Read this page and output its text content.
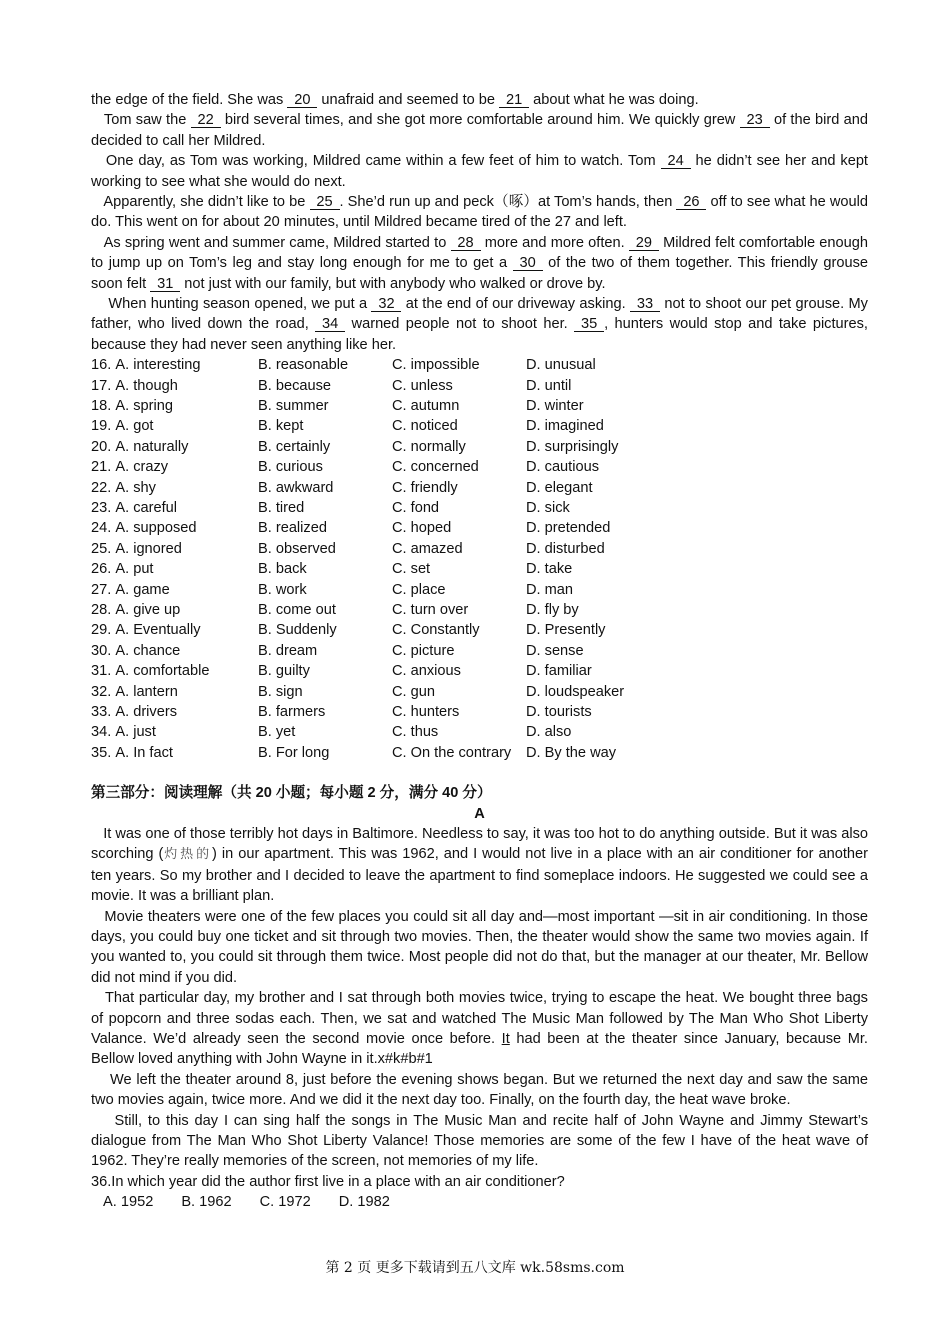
the edge of the field. She was 20 unafraid and seemed to be 21 about what he was doing.

Tom saw the 22 bird several times, and she got more comfortable around him. We quickly grew 23 of the bird and decided to call her Mildred.

One day, as Tom was working, Mildred came within a few feet of him to watch. Tom 24 he didn’t see her and kept working to see what she would do next.

Apparently, she didn’t like to be 25 . She’d run up and peck（啄）at Tom’s hands, then 26 off to see what he would do. This went on for about 20 minutes, until Mildred became tired of the 27 and left.

As spring went and summer came, Mildred started to 28 more and more often. 29 Mildred felt comfortable enough to jump up on Tom’s leg and stay long enough for me to get a 30 of the two of them together. This friendly grouse soon felt 31 not just with our family, but with anybody who walked or drove by.

When hunting season opened, we put a 32 at the end of our driveway asking. 33 not to shoot our pet grouse. My father, who lived down the road, 34 warned people not to shoot her. 35 , hunters would stop and take pictures, because they had never seen anything like her.

16. A. interesting	B. reasonable	C. impossible	D. unusual
17. A. though	B. because	C. unless	D. until
18. A. spring	B. summer	C. autumn	D. winter
19. A. got	B. kept	C. noticed	D. imagined
20. A. naturally	B. certainly	C. normally	D. surprisingly
21. A. crazy	B. curious	C. concerned	D. cautious
22. A. shy	B. awkward	C. friendly	D. elegant
23. A. careful	B. tired	C. fond	D. sick
24. A. supposed	B. realized	C. hoped	D. pretended
25. A. ignored	B. observed	C. amazed	D. disturbed
26. A. put	B. back	C. set	D. take
27. A. game	B. work	C. place	D. man
28. A. give up	B. come out	C. turn over	D. fly by
29. A. Eventually	B. Suddenly	C. Constantly	D. Presently
30. A. chance	B. dream	C. picture	D. sense
31. A. comfortable	B. guilty	C. anxious	D. familiar
32. A. lantern	B. sign	C. gun	D. loudspeaker
33. A. drivers	B. farmers	C. hunters	D. tourists
34. A. just	B. yet	C. thus	D. also
35. A. In fact	B. For long	C. On the contrary	D. By the way

第三部分：阅读理解（共 20 小题；每小题 2 分，满分 40 分）

A

It was one of those terribly hot days in Baltimore. Needless to say, it was too hot to do anything outside. But it was also scorching (灼热的) in our apartment. This was 1962, and I would not live in a place with an air conditioner for another ten years. So my brother and I decided to leave the apartment to find someplace indoors. He suggested we could see a movie. It was a brilliant plan.

Movie theaters were one of the few places you could sit all day and—most important —sit in air conditioning. In those days, you could buy one ticket and sit through two movies. Then, the theater would show the same two movies again. If you wanted to, you could sit through them twice. Most people did not do that, but the manager at our theater, Mr. Bellow did not mind if you did.

That particular day, my brother and I sat through both movies twice, trying to escape the heat. We bought three bags of popcorn and three sodas each. Then, we sat and watched The Music Man followed by The Man Who Shot Liberty Valance. We’d already seen the second movie once before. It had been at the theater since January, because Mr. Bellow loved anything with John Wayne in it.x#k#b#1

We left the theater around 8, just before the evening shows began. But we returned the next day and saw the same two movies again, twice more. And we did it the next day too. Finally, on the fourth day, the heat wave broke.

Still, to this day I can sing half the songs in The Music Man and recite half of John Wayne and Jimmy Stewart’s dialogue from The Man Who Shot Liberty Valance! Those memories are some of the few I have of the heat wave of 1962. They’re really memories of the screen, not memories of my life.

36.In which year did the author first live in a place with an air conditioner?

A. 1952 B. 1962 C. 1972 D. 1982
第 2 页 更多下载请到五八文库 wk.58sms.com
